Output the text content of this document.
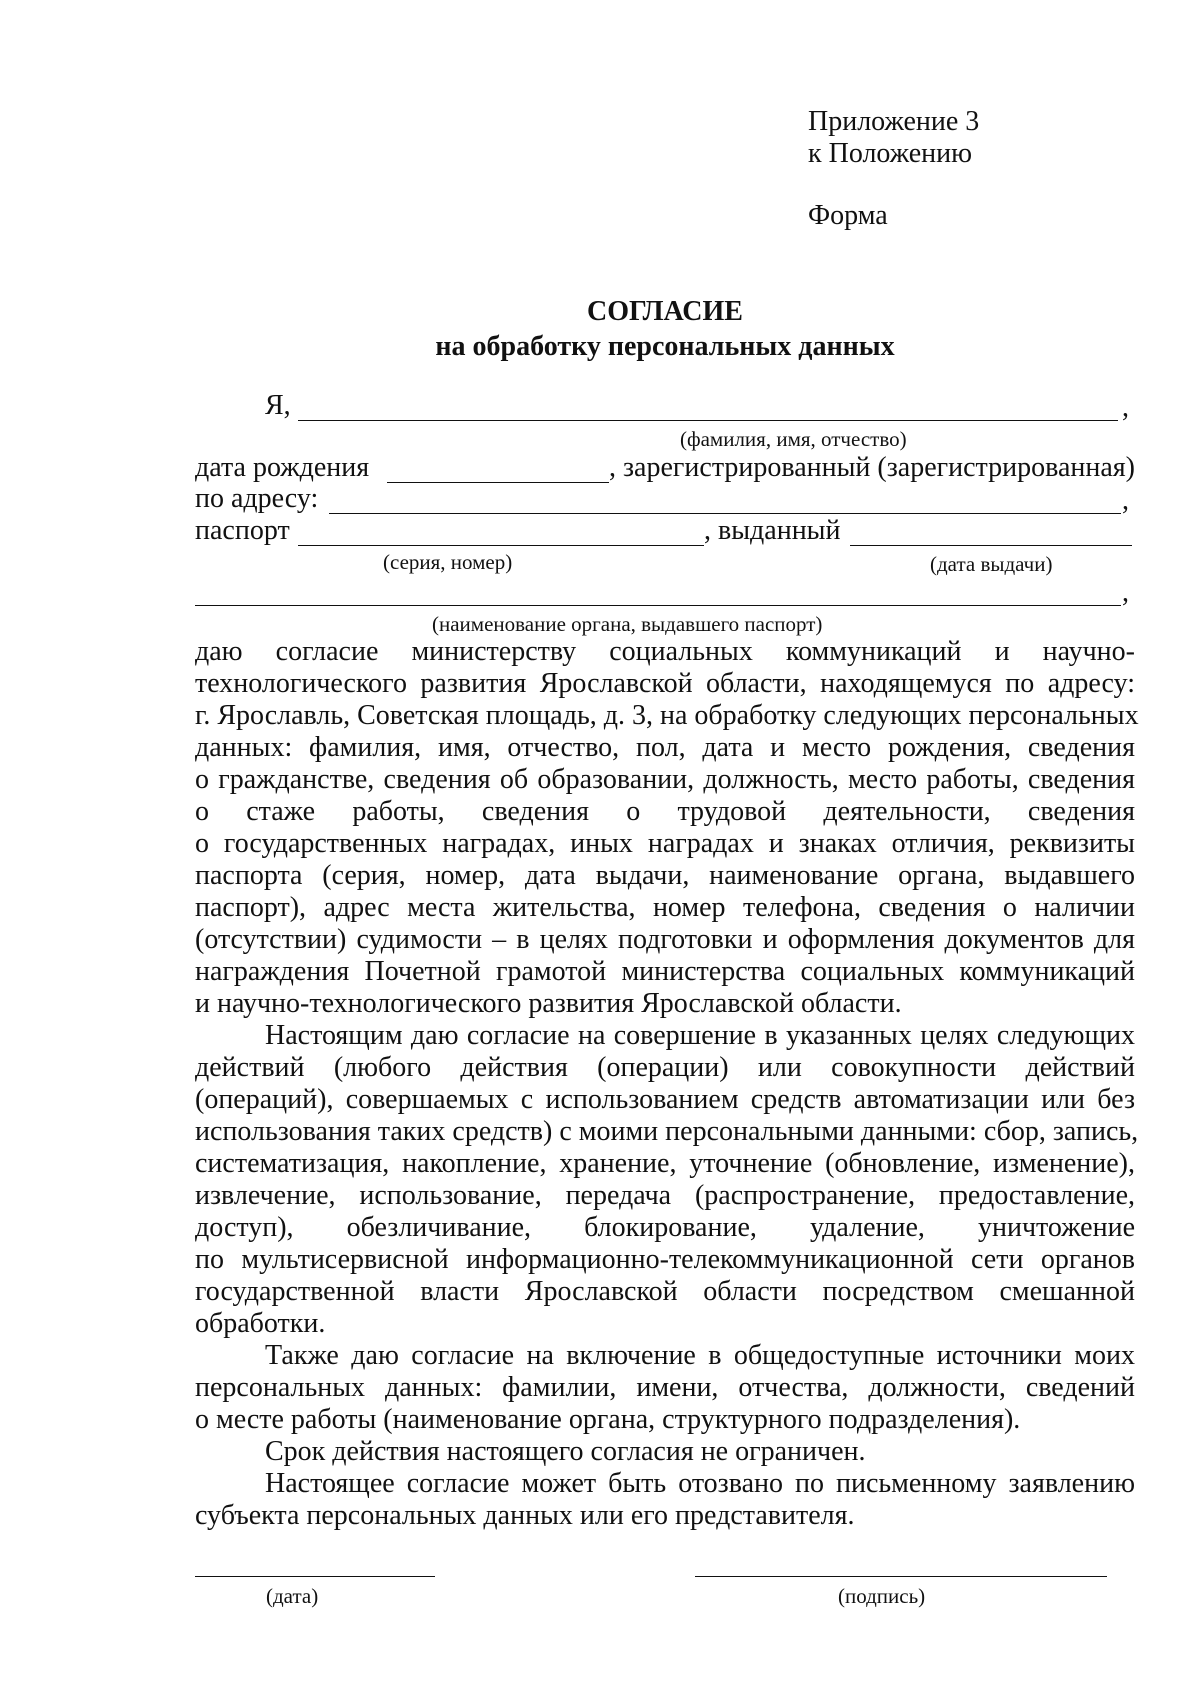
Приложение 3
к Положению
Форма
СОГЛАСИЕ
на обработку персональных данных
Я,	,
(фамилия, имя, отчество)
дата рождения	, зарегистрированный (зарегистрированная)
по адресу:	,
паспорт	, выданный
(серия, номер)	(дата выдачи)
,
(наименование органа, выдавшего паспорт)
даю согласие министерству социальных коммуникаций и научно-
технологического развития Ярославской области, находящемуся по адресу:
г. Ярославль, Советская площадь, д. 3, на обработку следующих персональных
данных: фамилия, имя, отчество, пол, дата и место рождения, сведения
о гражданстве, сведения об образовании, должность, место работы, сведения
о стаже работы, сведения о трудовой деятельности, сведения
о государственных наградах, иных наградах и знаках отличия, реквизиты
паспорта (серия, номер, дата выдачи, наименование органа, выдавшего
паспорт), адрес места жительства, номер телефона, сведения о наличии
(отсутствии) судимости – в целях подготовки и оформления документов для
награждения Почетной грамотой министерства социальных коммуникаций
и научно-технологического развития Ярославской области.
Настоящим даю согласие на совершение в указанных целях следующих
действий (любого действия (операции) или совокупности действий
(операций), совершаемых с использованием средств автоматизации или без
использования таких средств) с моими персональными данными: сбор, запись,
систематизация, накопление, хранение, уточнение (обновление, изменение),
извлечение, использование, передача (распространение, предоставление,
доступ), обезличивание, блокирование, удаление, уничтожение
по мультисервисной информационно-телекоммуникационной сети органов
государственной власти Ярославской области посредством смешанной
обработки.
Также даю согласие на включение в общедоступные источники моих
персональных данных: фамилии, имени, отчества, должности, сведений
о месте работы (наименование органа, структурного подразделения).
Срок действия настоящего согласия не ограничен.
Настоящее согласие может быть отозвано по письменному заявлению
субъекта персональных данных или его представителя.
(дата)	(подпись)
